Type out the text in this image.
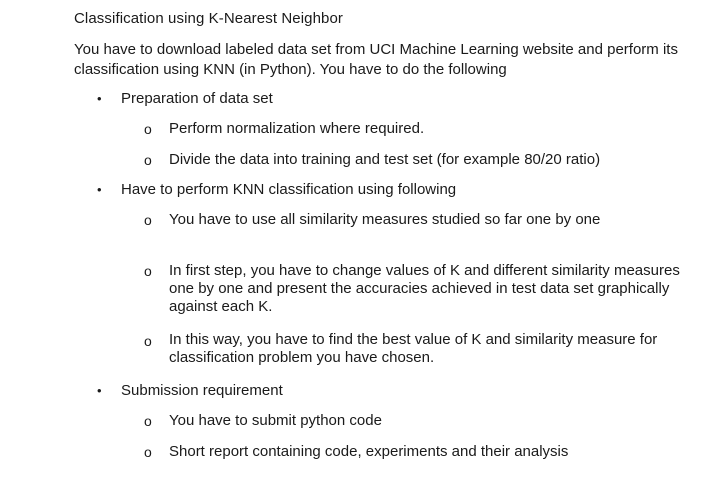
Classification using K-Nearest Neighbor
You have to download labeled data set from UCI Machine Learning website and perform its classification using KNN (in Python). You have to do the following
• Preparation of data set
o Perform normalization where required.
o Divide the data into training and test set (for example 80/20 ratio)
• Have to perform KNN classification using following
o You have to use all similarity measures studied so far one by one
o In first step, you have to change values of K and different similarity measures one by one and present the accuracies achieved in test data set graphically against each K.
o In this way, you have to find the best value of K and similarity measure for classification problem you have chosen.
• Submission requirement
o You have to submit python code
o Short report containing code, experiments and their analysis
